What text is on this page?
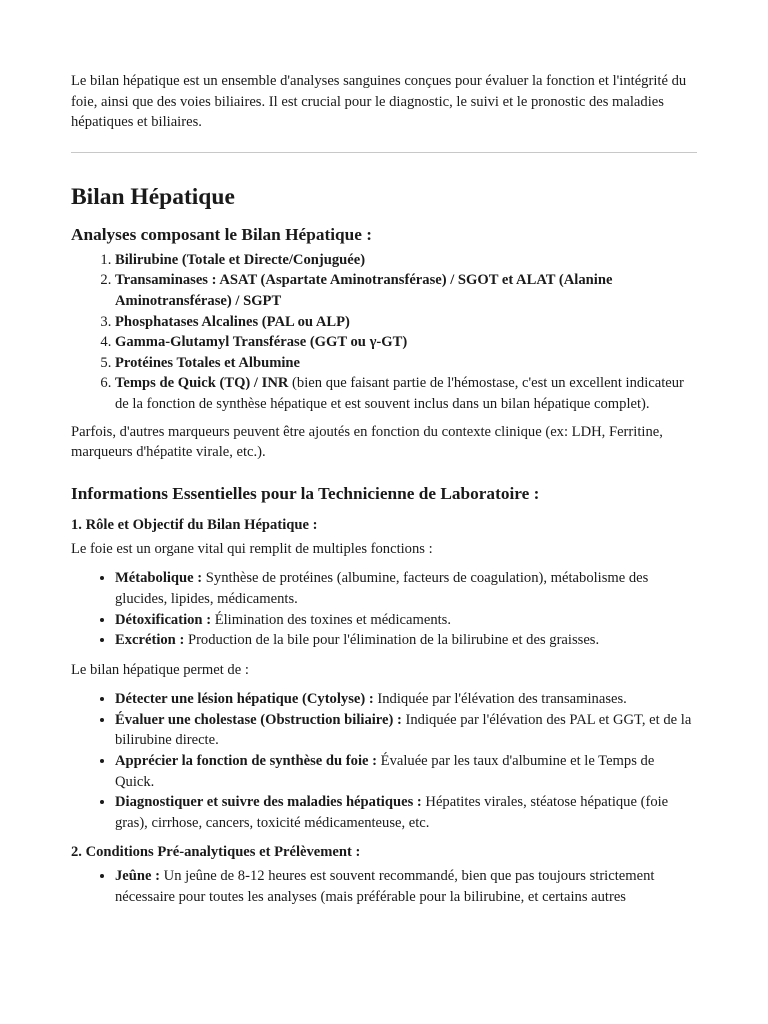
Le bilan hépatique est un ensemble d'analyses sanguines conçues pour évaluer la fonction et l'intégrité du foie, ainsi que des voies biliaires. Il est crucial pour le diagnostic, le suivi et le pronostic des maladies hépatiques et biliaires.

Bilan Hépatique
Analyses composant le Bilan Hépatique :
1. Bilirubine (Totale et Directe/Conjuguée)
2. Transaminases : ASAT (Aspartate Aminotransférase) / SGOT et ALAT (Alanine Aminotransférase) / SGPT
3. Phosphatases Alcalines (PAL ou ALP)
4. Gamma-Glutamyl Transférase (GGT ou γ-GT)
5. Protéines Totales et Albumine
6. Temps de Quick (TQ) / INR (bien que faisant partie de l'hémostase, c'est un excellent indicateur de la fonction de synthèse hépatique et est souvent inclus dans un bilan hépatique complet).

Parfois, d'autres marqueurs peuvent être ajoutés en fonction du contexte clinique (ex: LDH, Ferritine, marqueurs d'hépatite virale, etc.).

Informations Essentielles pour la Technicienne de Laboratoire :
1. Rôle et Objectif du Bilan Hépatique :

Le foie est un organe vital qui remplit de multiples fonctions :

• Métabolique : Synthèse de protéines (albumine, facteurs de coagulation), métabolisme des glucides, lipides, médicaments.
• Détoxification : Élimination des toxines et médicaments.
• Excrétion : Production de la bile pour l'élimination de la bilirubine et des graisses.

Le bilan hépatique permet de :

• Détecter une lésion hépatique (Cytolyse) : Indiquée par l'élévation des transaminases.
• Évaluer une cholestase (Obstruction biliaire) : Indiquée par l'élévation des PAL et GGT, et de la bilirubine directe.
• Apprécier la fonction de synthèse du foie : Évaluée par les taux d'albumine et le Temps de Quick.
• Diagnostiquer et suivre des maladies hépatiques : Hépatites virales, stéatose hépatique (foie gras), cirrhose, cancers, toxicité médicamenteuse, etc.
2. Conditions Pré-analytiques et Prélèvement :
• Jeûne : Un jeûne de 8-12 heures est souvent recommandé, bien que pas toujours strictement nécessaire pour toutes les analyses (mais préférable pour la bilirubine, et certains autres
